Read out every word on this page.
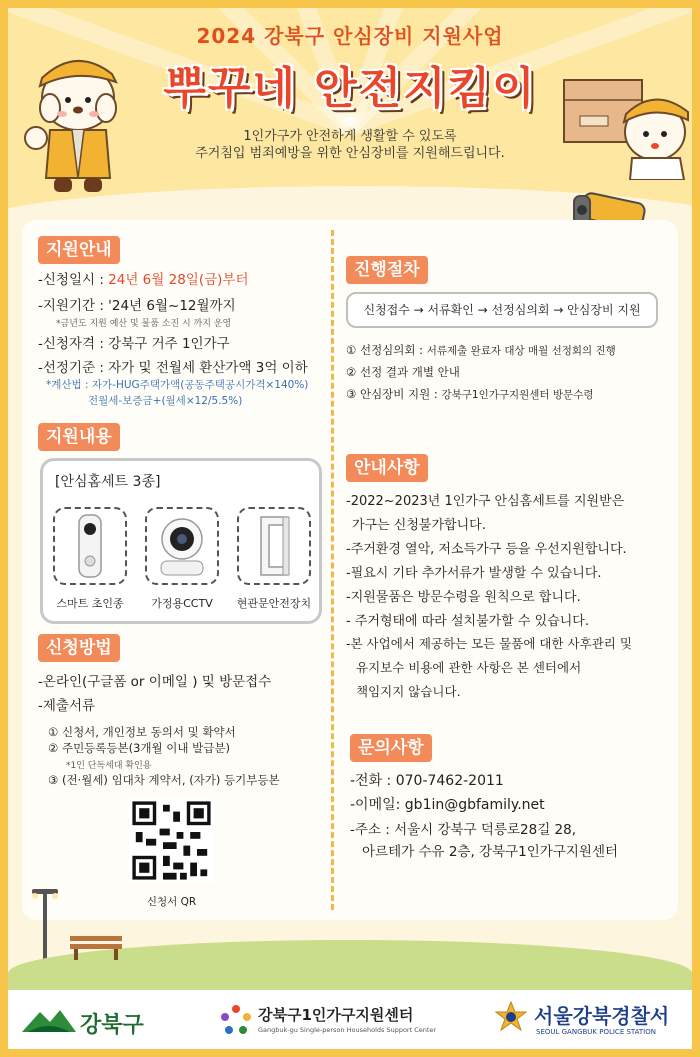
2024 강북구 안심장비 지원사업
뿌꾸네 안전지킴이
1인가구가 안전하게 생활할 수 있도록
주거침입 범죄예방을 위한 안심장비를 지원해드립니다.
지원안내
-신청일시 : 24년 6월 28일(금)부터
-지원기간 : '24년 6월~12월까지
*금년도 지원 예산 및 물품 소진 시 까지 운영
-신청자격 : 강북구 거주 1인가구
-선정기준 : 자가 및 전월세 환산가액 3억 이하
*계산법 : 자가-HUG주택가액(공동주택공시가격×140%)
전월세-보증금+(월세×12/5.5%)
지원내용
[안심홈세트 3종]
스마트 초인종	가정용CCTV	현관문안전장치
신청방법
-온라인(구글폼 or 이메일 ) 및 방문접수
-제출서류
① 신청서, 개인정보 동의서 및 확약서
② 주민등록등본(3개월 이내 발급분)
*1인 단독세대 확인용
③ (전·월세) 임대차 계약서, (자가) 등기부등본
신청서 QR
진행절차
신청접수 → 서류확인 → 선정심의회 → 안심장비 지원
① 선정심의회 : 서류제출 완료자 대상 매월 선정회의 진행
② 선정 결과 개별 안내
③ 안심장비 지원 : 강북구1인가구지원센터 방문수령
안내사항
-2022~2023년 1인가구 안심홈세트를 지원받은
가구는 신청불가합니다.
-주거환경 열악, 저소득가구 등을 우선지원합니다.
-필요시 기타 추가서류가 발생할 수 있습니다.
-지원물품은 방문수령을 원칙으로 합니다.
- 주거형태에 따라 설치불가할 수 있습니다.
-본 사업에서 제공하는 모든 물품에 대한 사후관리 및
유지보수 비용에 관한 사항은 본 센터에서
책임지지 않습니다.
문의사항
-전화 : 070-7462-2011
-이메일: gb1in@gbfamily.net
-주소 : 서울시 강북구 덕릉로28길 28,
아르테가 수유 2층, 강북구1인가구지원센터
강북구	강북구1인가구지원센터
Gangbuk-gu Single-person Households Support Center
서울강북경찰서
SEOUL GANGBUK POLICE STATION
